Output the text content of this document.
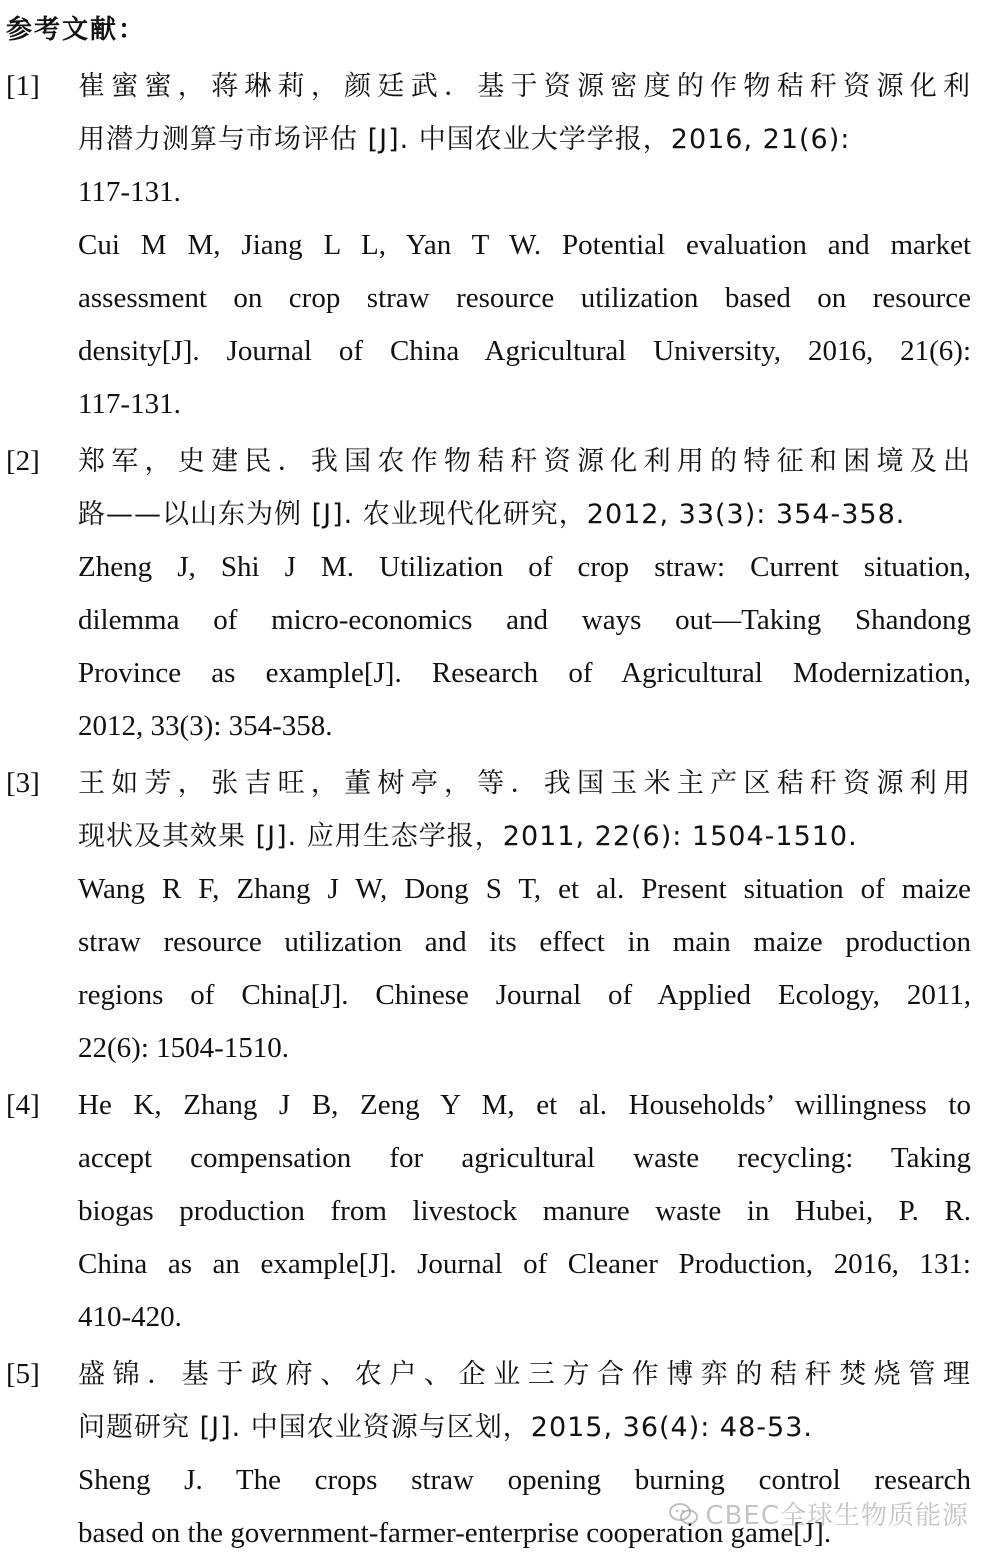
参考文献：
[1] 崔蜜蜜，蒋琳莉，颜廷武．基于资源密度的作物秸秆资源化利
用潜力测算与市场评估 [J]. 中国农业大学学报，2016, 21(6):
117-131.
Cui M M, Jiang L L, Yan T W. Potential evaluation and market
assessment on crop straw resource utilization based on resource
density[J]. Journal of China Agricultural University, 2016, 21(6):
117-131.
[2] 郑军，史建民．我国农作物秸秆资源化利用的特征和困境及出
路——以山东为例 [J]. 农业现代化研究，2012, 33(3): 354-358.
Zheng J, Shi J M. Utilization of crop straw: Current situation,
dilemma of micro-economics and ways out—Taking Shandong
Province as example[J]. Research of Agricultural Modernization,
2012, 33(3): 354-358.
[3] 王如芳，张吉旺，董树亭，等．我国玉米主产区秸秆资源利用
现状及其效果 [J]. 应用生态学报，2011, 22(6): 1504-1510.
Wang R F, Zhang J W, Dong S T, et al. Present situation of maize
straw resource utilization and its effect in main maize production
regions of China[J]. Chinese Journal of Applied Ecology, 2011,
22(6): 1504-1510.
[4] He K, Zhang J B, Zeng Y M, et al. Households’ willingness to
accept compensation for agricultural waste recycling: Taking
biogas production from livestock manure waste in Hubei, P. R.
China as an example[J]. Journal of Cleaner Production, 2016, 131:
410-420.
[5] 盛锦．基于政府、农户、企业三方合作博弈的秸秆焚烧管理
问题研究 [J]. 中国农业资源与区划，2015, 36(4): 48-53.
Sheng J. The crops straw opening burning control research
based on the government-farmer-enterprise cooperation game[J].
CBEC全球生物质能源
